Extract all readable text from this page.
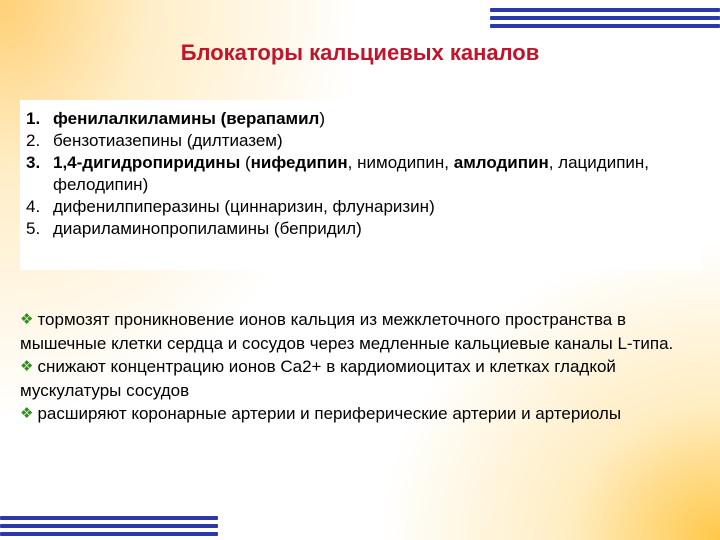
Блокаторы кальциевых каналов
1. фенилалкиламины (верапамил)
2. бензотиазепины (дилтиазем)
3. 1,4-дигидропиридины (нифедипин, нимодипин, амлодипин, лацидипин, фелодипин)
4. дифенилпиперазины (циннаризин, флунаризин)
5. диариламинопропиламины (бепридил)

❖ тормозят проникновение ионов кальция из межклеточного пространства в мышечные клетки сердца и сосудов через медленные кальциевые каналы L-типа.

❖ снижают концентрацию ионов Ca2+ в кардиомиоцитах и клетках гладкой мускулатуры сосудов

❖ расширяют коронарные артерии и периферические артерии и артериолы
